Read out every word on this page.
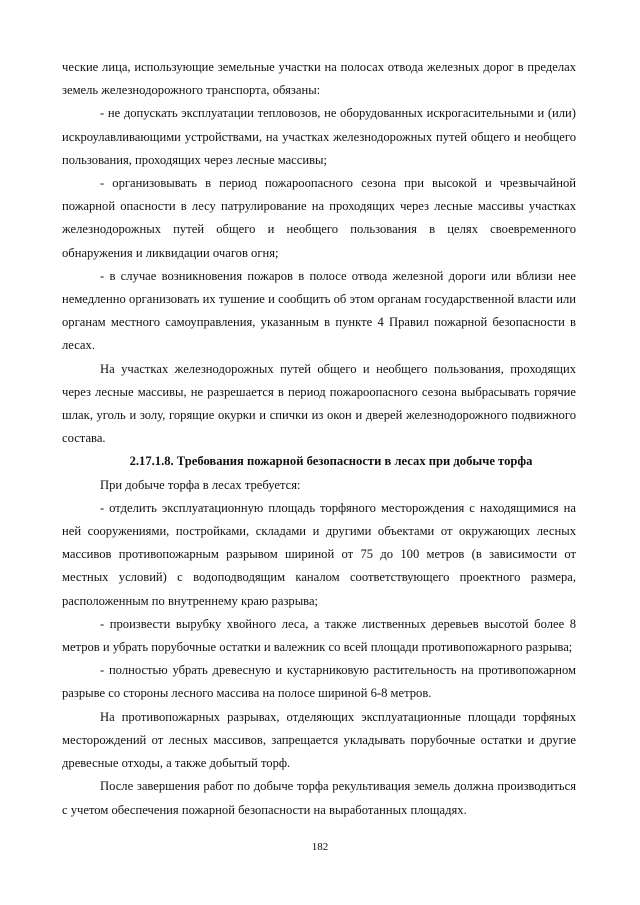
ческие лица, использующие земельные участки на полосах отвода железных дорог в пределах земель железнодорожного транспорта, обязаны:

- не допускать эксплуатации тепловозов, не оборудованных искрогасительными и (или) искроулавливающими устройствами, на участках железнодорожных путей общего и необщего пользования, проходящих через лесные массивы;

- организовывать в период пожароопасного сезона при высокой и чрезвычайной пожарной опасности в лесу патрулирование на проходящих через лесные массивы участках железнодорожных путей общего и необщего пользования в целях своевременного обнаружения и ликвидации очагов огня;

- в случае возникновения пожаров в полосе отвода железной дороги или вблизи нее немедленно организовать их тушение и сообщить об этом органам государственной власти или органам местного самоуправления, указанным в пункте 4 Правил пожарной безопасности в лесах.

На участках железнодорожных путей общего и необщего пользования, проходящих через лесные массивы, не разрешается в период пожароопасного сезона выбрасывать горячие шлак, уголь и золу, горящие окурки и спички из окон и дверей железнодорожного подвижного состава.

2.17.1.8. Требования пожарной безопасности в лесах при добыче торфа

При добыче торфа в лесах требуется:

- отделить эксплуатационную площадь торфяного месторождения с находящимися на ней сооружениями, постройками, складами и другими объектами от окружающих лесных массивов противопожарным разрывом шириной от 75 до 100 метров (в зависимости от местных условий) с водоподводящим каналом соответствующего проектного размера, расположенным по внутреннему краю разрыва;

- произвести вырубку хвойного леса, а также лиственных деревьев высотой более 8 метров и убрать порубочные остатки и валежник со всей площади противопожарного разрыва;

- полностью убрать древесную и кустарниковую растительность на противопожарном разрыве со стороны лесного массива на полосе шириной 6-8 метров.

На противопожарных разрывах, отделяющих эксплуатационные площади торфяных месторождений от лесных массивов, запрещается укладывать порубочные остатки и другие древесные отходы, а также добытый торф.

После завершения работ по добыче торфа рекультивация земель должна производиться с учетом обеспечения пожарной безопасности на выработанных площадях.

182
